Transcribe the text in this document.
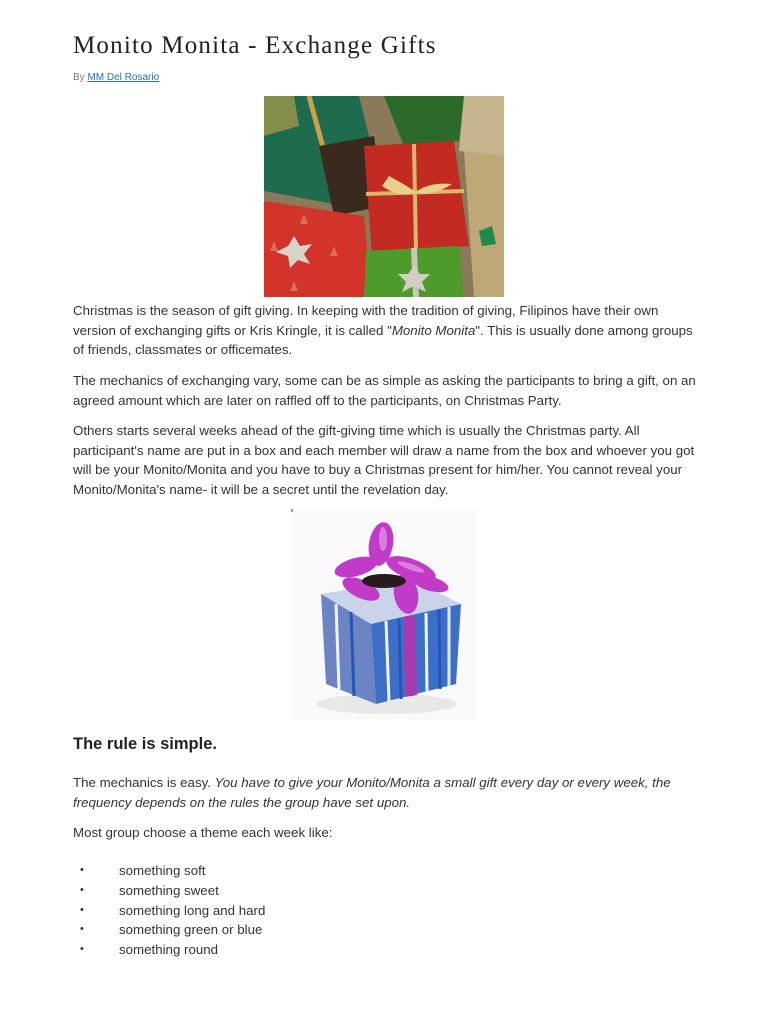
Monito Monita - Exchange Gifts
By MM Del Rosario

Christmas is the season of gift giving. In keeping with the tradition of giving, Filipinos have their own version of exchanging gifts or Kris Kringle, it is called "Monito Monita". This is usually done among groups of friends, classmates or officemates.

The mechanics of exchanging vary, some can be as simple as asking the participants to bring a gift, on an agreed amount which are later on raffled off to the participants, on Christmas Party.

Others starts several weeks ahead of the gift-giving time which is usually the Christmas party. All participant's name are put in a box and each member will draw a name from the box and whoever you got will be your Monito/Monita and you have to buy a Christmas present for him/her. You cannot reveal your Monito/Monita's name- it will be a secret until the revelation day.

The rule is simple.

The mechanics is easy. You have to give your Monito/Monita a small gift every day or every week, the frequency depends on the rules the group have set upon.

Most group choose a theme each week like:

•	something soft
•	something sweet
•	something long and hard
•	something green or blue
•	something round
